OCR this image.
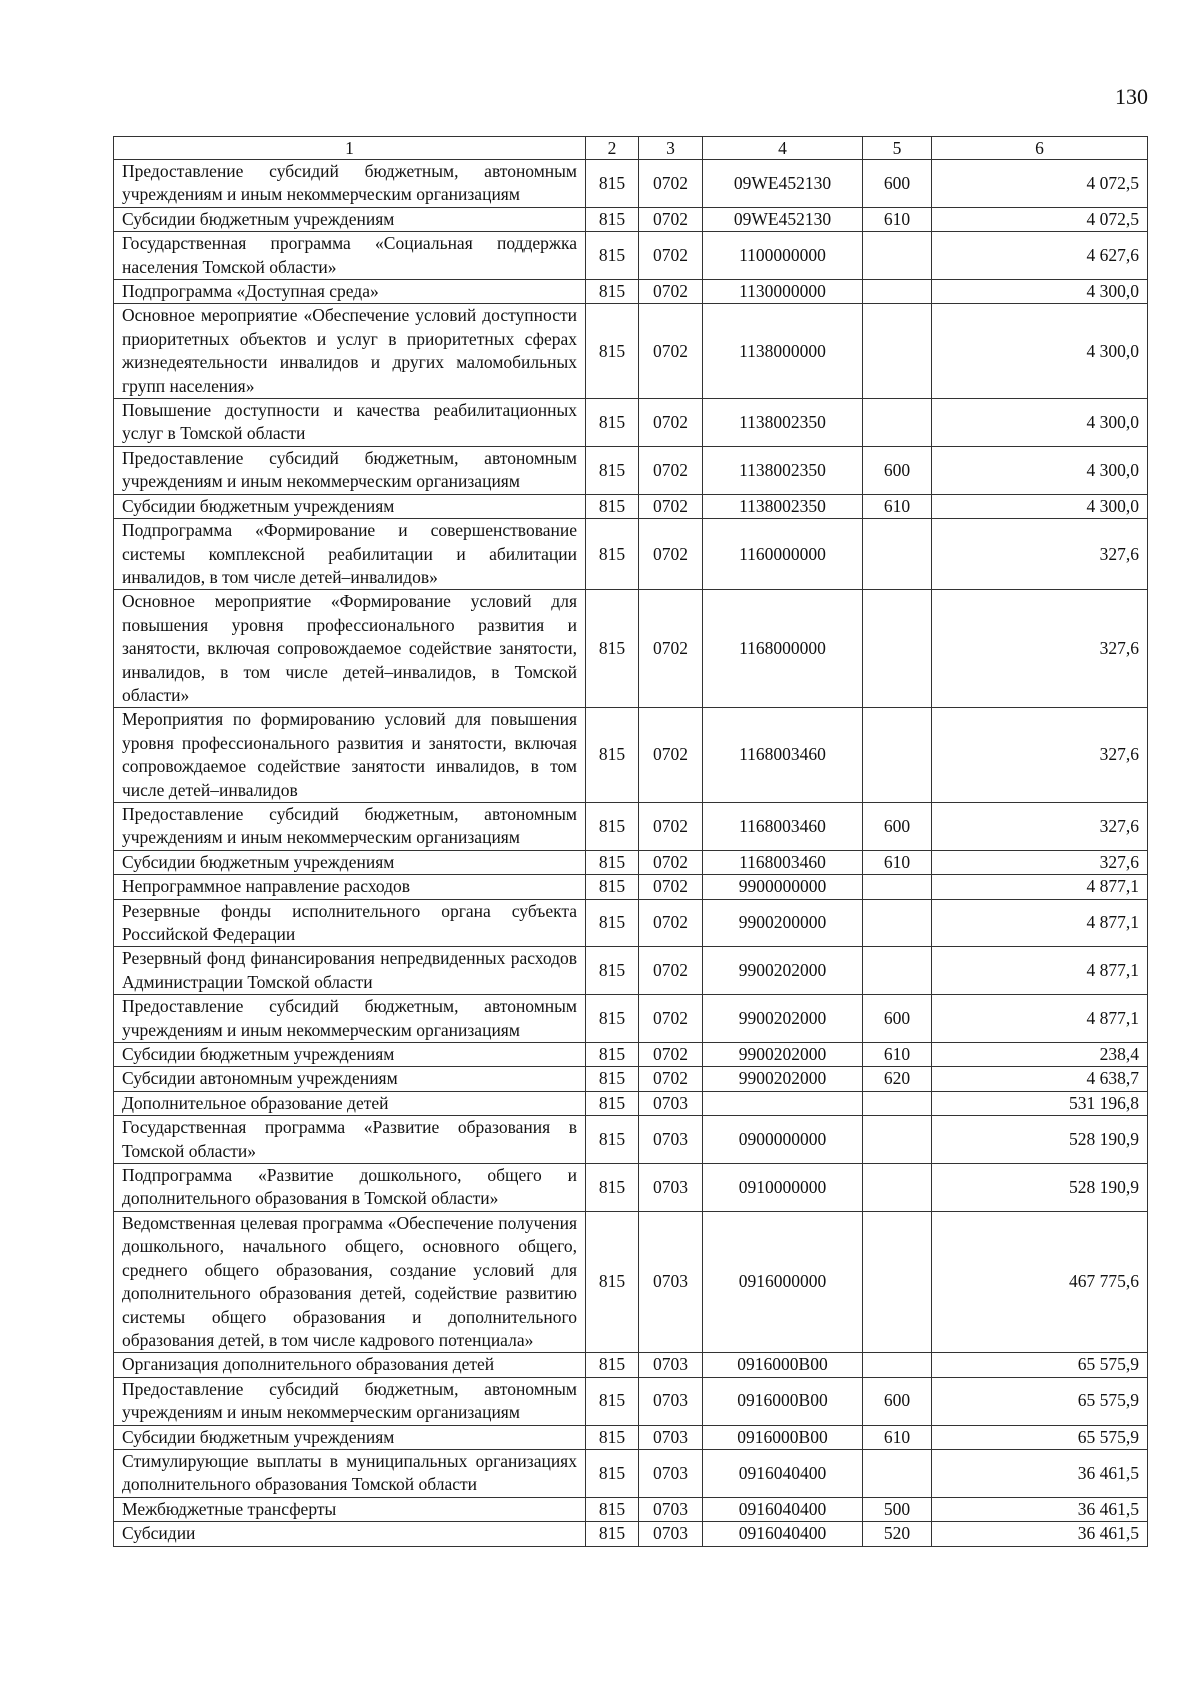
130
1	2	3	4	5	6
Предоставление субсидий бюджетным, автономным учреждениям и иным некоммерческим организациям	815	0702	09WE452130	600	4 072,5
Субсидии бюджетным учреждениям	815	0702	09WE452130	610	4 072,5
Государственная программа «Социальная поддержка населения Томской области»	815	0702	1100000000		4 627,6
Подпрограмма «Доступная среда»	815	0702	1130000000		4 300,0
Основное мероприятие «Обеспечение условий доступности приоритетных объектов и услуг в приоритетных сферах жизнедеятельности инвалидов и других маломобильных групп населения»	815	0702	1138000000		4 300,0
Повышение доступности и качества реабилитационных услуг в Томской области	815	0702	1138002350		4 300,0
Предоставление субсидий бюджетным, автономным учреждениям и иным некоммерческим организациям	815	0702	1138002350	600	4 300,0
Субсидии бюджетным учреждениям	815	0702	1138002350	610	4 300,0
Подпрограмма «Формирование и совершенствование системы комплексной реабилитации и абилитации инвалидов, в том числе детей–инвалидов»	815	0702	1160000000		327,6
Основное мероприятие «Формирование условий для повышения уровня профессионального развития и занятости, включая сопровождаемое содействие занятости, инвалидов, в том числе детей–инвалидов, в Томской области»	815	0702	1168000000		327,6
Мероприятия по формированию условий для повышения уровня профессионального развития и занятости, включая сопровождаемое содействие занятости инвалидов, в том числе детей–инвалидов	815	0702	1168003460		327,6
Предоставление субсидий бюджетным, автономным учреждениям и иным некоммерческим организациям	815	0702	1168003460	600	327,6
Субсидии бюджетным учреждениям	815	0702	1168003460	610	327,6
Непрограммное направление расходов	815	0702	9900000000		4 877,1
Резервные фонды исполнительного органа субъекта Российской Федерации	815	0702	9900200000		4 877,1
Резервный фонд финансирования непредвиденных расходов Администрации Томской области	815	0702	9900202000		4 877,1
Предоставление субсидий бюджетным, автономным учреждениям и иным некоммерческим организациям	815	0702	9900202000	600	4 877,1
Субсидии бюджетным учреждениям	815	0702	9900202000	610	238,4
Субсидии автономным учреждениям	815	0702	9900202000	620	4 638,7
Дополнительное образование детей	815	0703			531 196,8
Государственная программа «Развитие образования в Томской области»	815	0703	0900000000		528 190,9
Подпрограмма «Развитие дошкольного, общего и дополнительного образования в Томской области»	815	0703	0910000000		528 190,9
Ведомственная целевая программа «Обеспечение получения дошкольного, начального общего, основного общего, среднего общего образования, создание условий для дополнительного образования детей, содействие развитию системы общего образования и дополнительного образования детей, в том числе кадрового потенциала»	815	0703	0916000000		467 775,6
Организация дополнительного образования детей	815	0703	0916000В00		65 575,9
Предоставление субсидий бюджетным, автономным учреждениям и иным некоммерческим организациям	815	0703	0916000В00	600	65 575,9
Субсидии бюджетным учреждениям	815	0703	0916000В00	610	65 575,9
Стимулирующие выплаты в муниципальных организациях дополнительного образования Томской области	815	0703	0916040400		36 461,5
Межбюджетные трансферты	815	0703	0916040400	500	36 461,5
Субсидии	815	0703	0916040400	520	36 461,5
